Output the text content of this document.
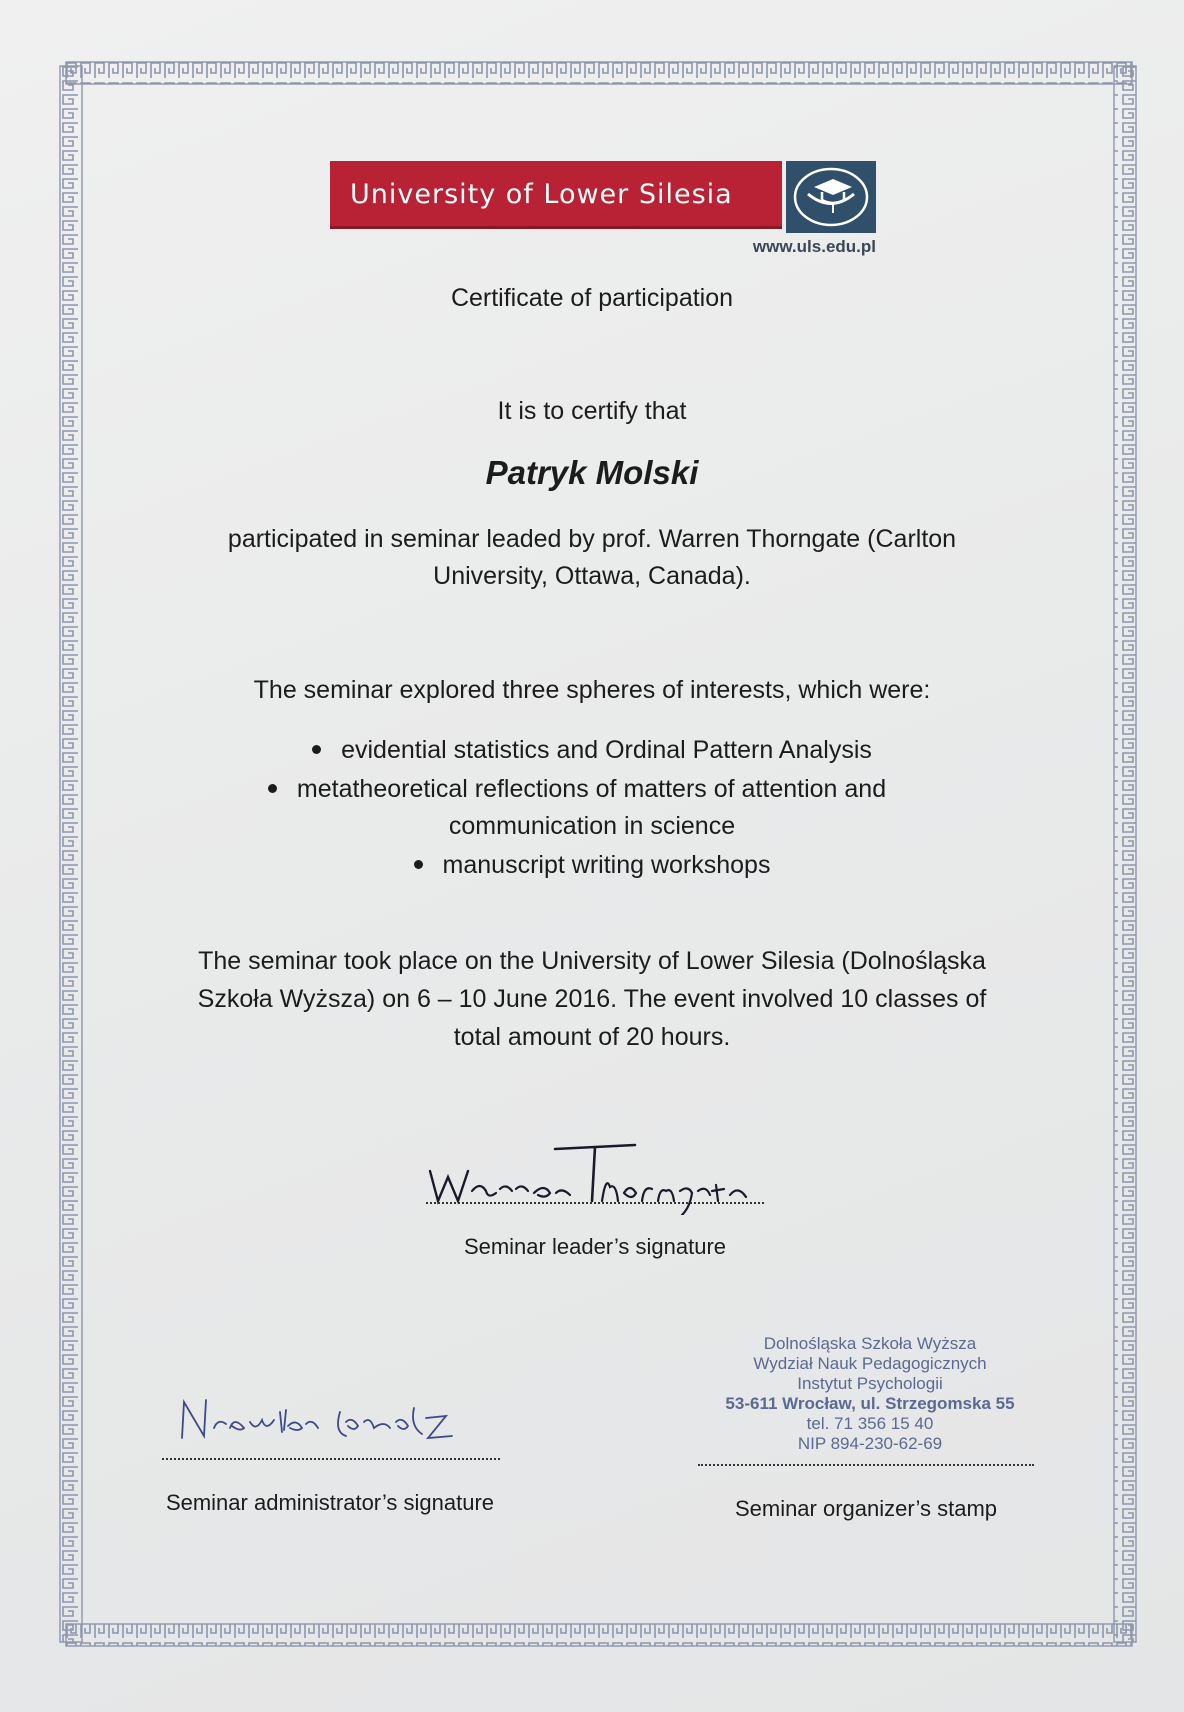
University of Lower Silesia
www.uls.edu.pl
Certificate of participation
It is to certify that
Patryk Molski
participated in seminar leaded by prof. Warren Thorngate (Carlton
University, Ottawa, Canada).
The seminar explored three spheres of interests, which were:
evidential statistics and Ordinal Pattern Analysis
metatheoretical reflections of matters of attention and
communication in science
manuscript writing workshops
The seminar took place on the University of Lower Silesia (Dolnośląska
Szkoła Wyższa) on 6 – 10 June 2016. The event involved 10 classes of
total amount of 20 hours.
Seminar leader’s signature
Seminar administrator’s signature
Dolnośląska Szkoła Wyższa
Wydział Nauk Pedagogicznych
Instytut Psychologii
53-611 Wrocław, ul. Strzegomska 55
tel. 71 356 15 40
NIP 894-230-62-69
Seminar organizer’s stamp
